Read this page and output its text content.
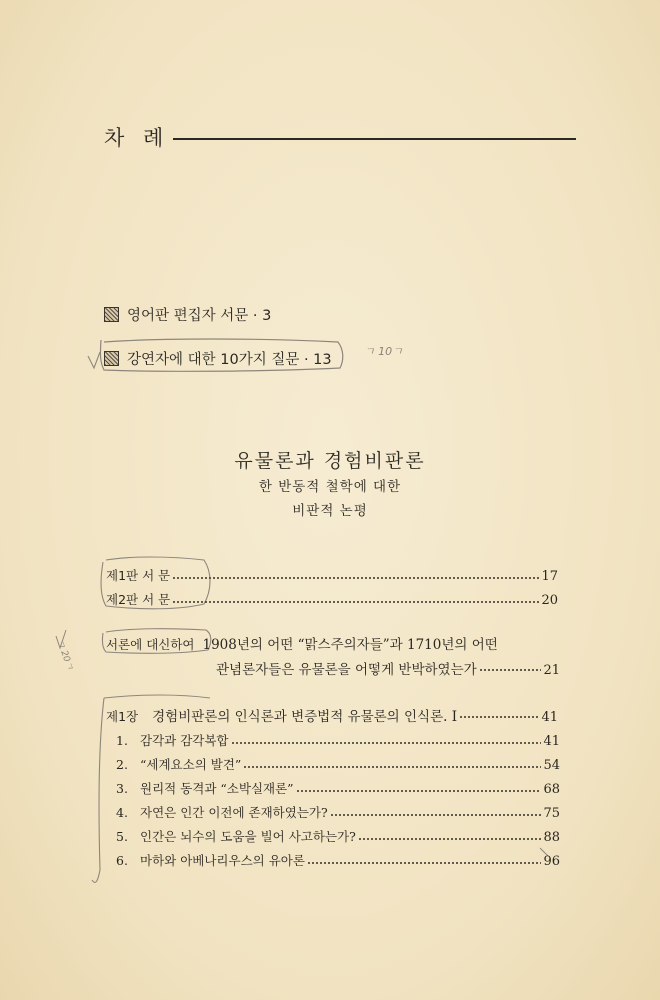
ㄱ 10ㄱ
ㄱ 20ㄱ
차 례
영어판 편집자 서문 · 3
강연자에 대한 10가지 질문 · 13
유물론과 경험비판론
한 반동적 철학에 대한
비판적 논평
제1판 서 문	17
제2판 서 문	20
서론에 대신하여 1908년의 어떤 “맑스주의자들”과 1710년의 어떤
관념론자들은 유물론을 어떻게 반박하였는가	21
제1장 경험비판론의 인식론과 변증법적 유물론의 인식론. I	41
1. 감각과 감각복합	41
2. “세계요소의 발견”	54
3. 원리적 동격과 “소박실재론”	68
4. 자연은 인간 이전에 존재하였는가?	75
5. 인간은 뇌수의 도움을 빌어 사고하는가?	88
6. 마하와 아베나리우스의 유아론	96
